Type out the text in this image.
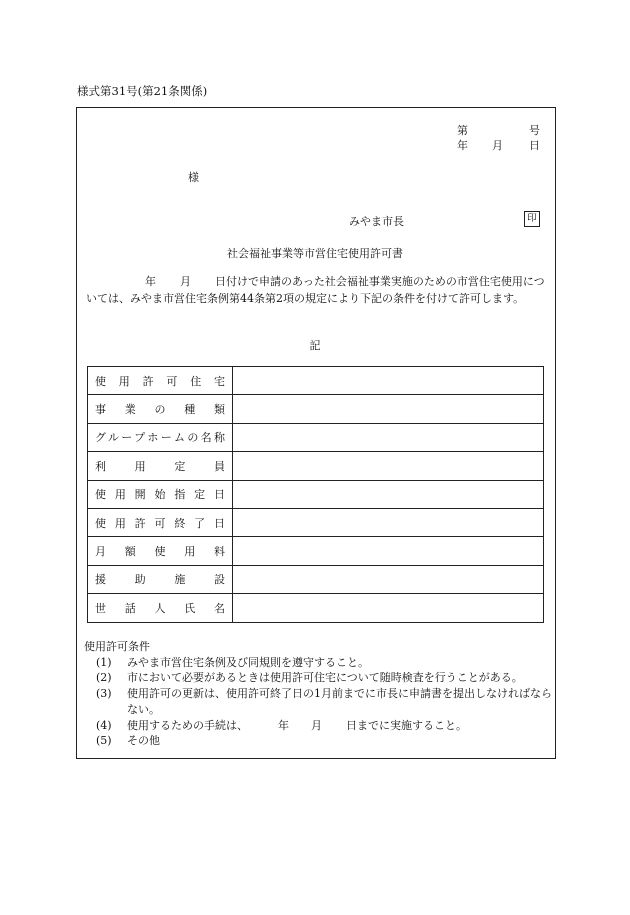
様式第31号(第21条関係)
第	号
年 月 日
様
みやま市長	印
社会福祉事業等市営住宅使用許可書
年 月 日付けで申請のあった社会福祉事業実施のための市営住宅使用については、みやま市営住宅条例第44条第2項の規定により下記の条件を付けて許可します。
記
使用許可住宅	

事業の種類	

グループホームの名称	

利用定員	

使用開始指定日	

使用許可終了日	

月額使用料	

援助施設	

世話人氏名	

使用許可条件
(1)	みやま市営住宅条例及び同規則を遵守すること。
(2)	市において必要があるときは使用許可住宅について随時検査を行うことがある。
(3)	使用許可の更新は、使用許可終了日の1月前までに市長に申請書を提出しなければならない。
(4)	使用するための手続は、	年 月 日までに実施すること。
(5)	その他
